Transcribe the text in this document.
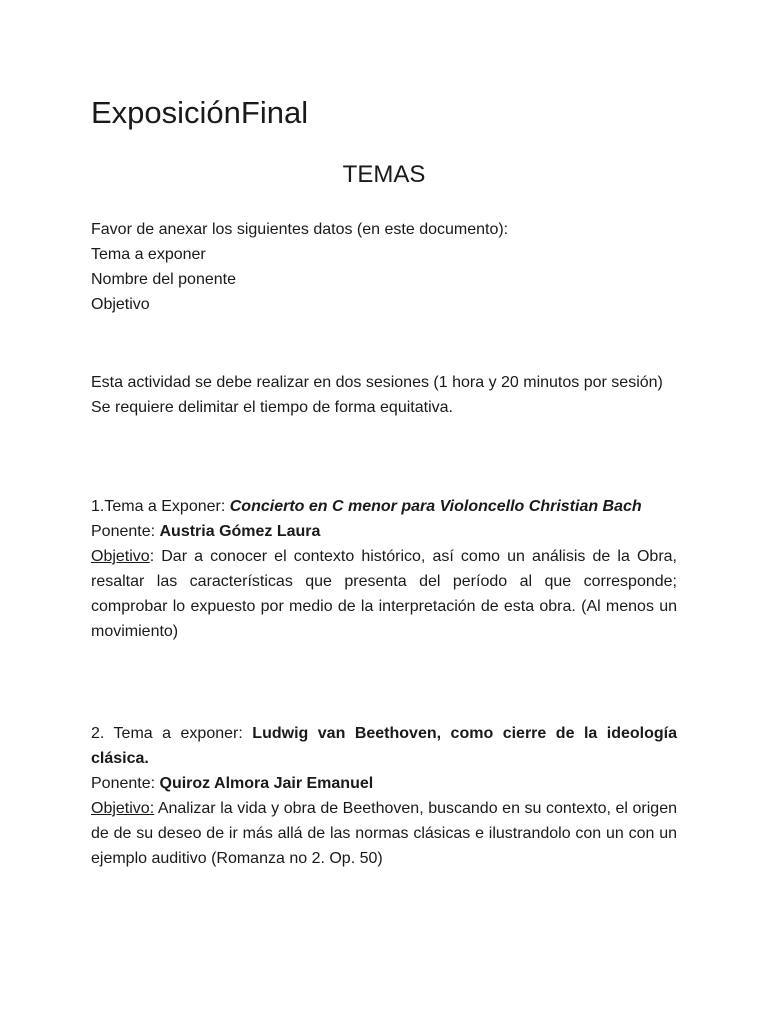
ExposiciónFinal
TEMAS

Favor de anexar los siguientes datos (en este documento):

Tema a exponer

Nombre del ponente

Objetivo

Esta actividad se debe realizar en dos sesiones (1 hora y 20 minutos por sesión)

Se requiere delimitar el tiempo de forma equitativa.

1.Tema a Exponer: Concierto en C menor para Violoncello Christian Bach

Ponente: Austria Gómez Laura

Objetivo: Dar a conocer el contexto histórico, así como un análisis de la Obra, resaltar las características que presenta del período al que corresponde; comprobar lo expuesto por medio de la interpretación de esta obra. (Al menos un movimiento)

2. Tema a exponer: Ludwig van Beethoven, como cierre de la ideología clásica.

Ponente: Quiroz Almora Jair Emanuel

Objetivo: Analizar la vida y obra de Beethoven, buscando en su contexto, el origen de de su deseo de ir más allá de las normas clásicas e ilustrandolo con un con un ejemplo auditivo (Romanza no 2. Op. 50)
